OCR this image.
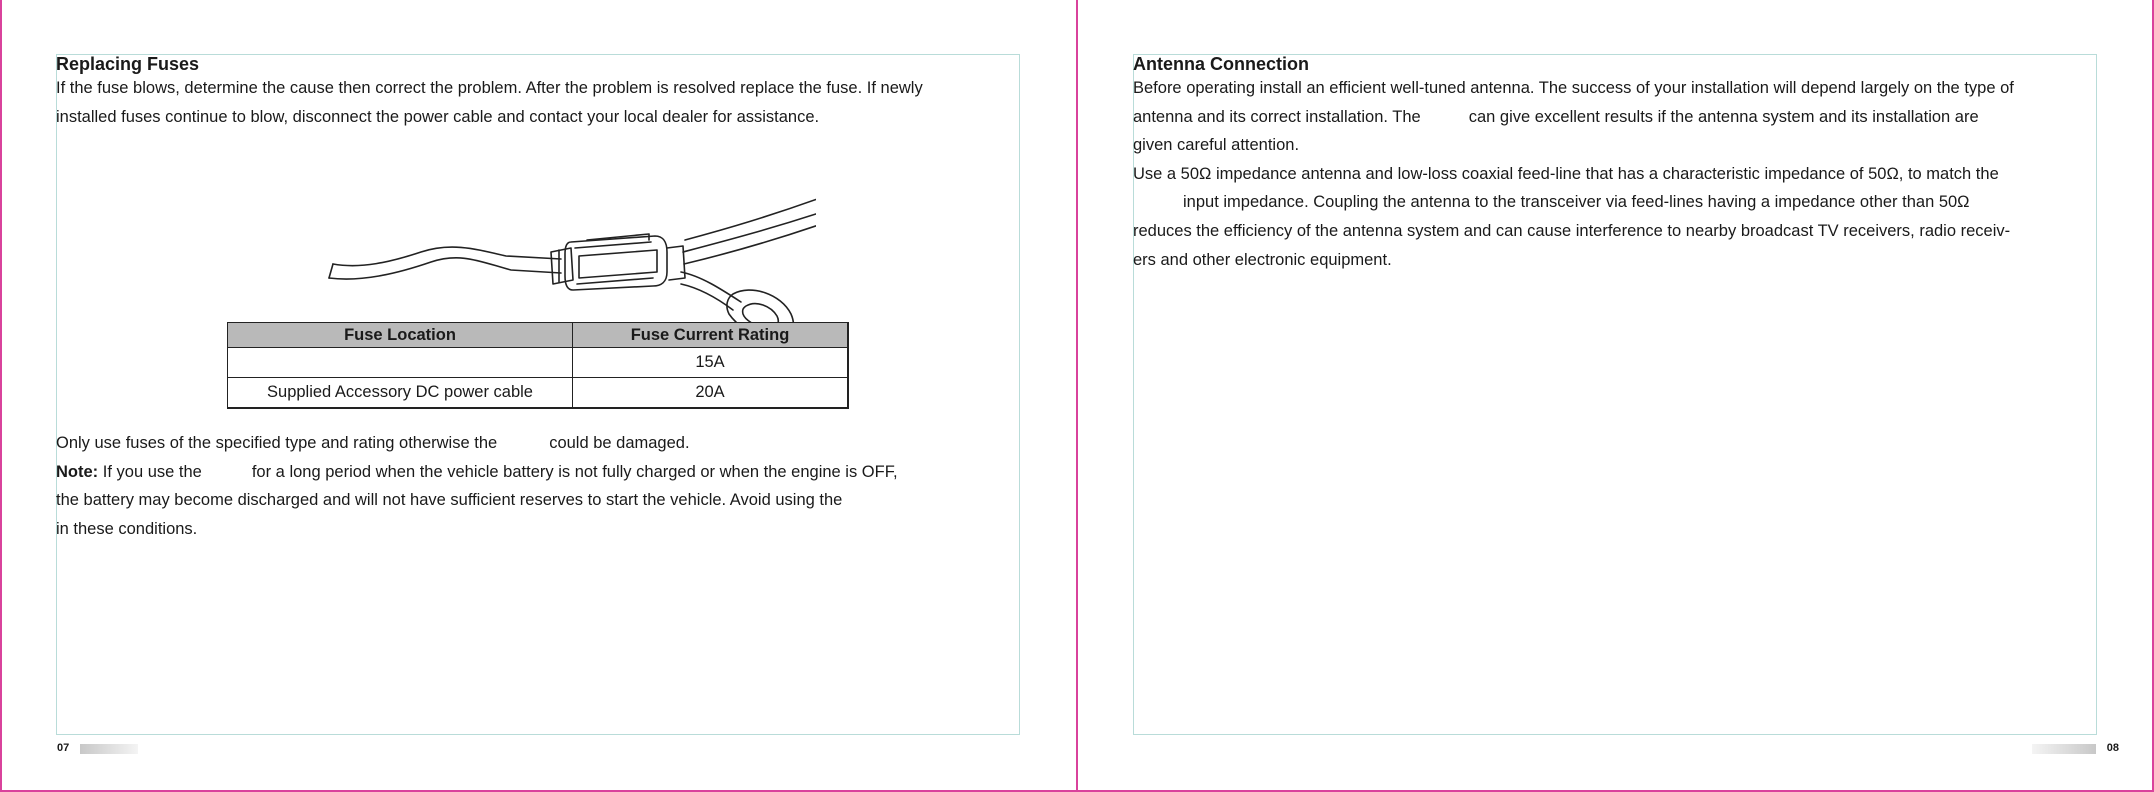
Replacing Fuses

If the fuse blows, determine the cause then correct the problem. After the problem is resolved replace the fuse. If newly

installed fuses continue to blow, disconnect the power cable and contact your local dealer for assistance.

Fuse Location	Fuse Current Rating
	15A
Supplied Accessory DC power cable	20A

Only use fuses of the specified type and rating otherwise the	could be damaged.

Note: If you use the	for a long period when the vehicle battery is not fully charged or when the engine is OFF,

the battery may become discharged and will not have sufficient reserves to start the vehicle. Avoid using the

in these conditions.

07
Antenna Connection

Before operating install an efficient well-tuned antenna. The success of your installation will depend largely on the type of

antenna and its correct installation. The	can give excellent results if the antenna system and its installation are

given careful attention.

Use a 50Ω impedance antenna and low-loss coaxial feed-line that has a characteristic impedance of 50Ω, to match the

input impedance. Coupling the antenna to the transceiver via feed-lines having a impedance other than 50Ω

reduces the efficiency of the antenna system and can cause interference to nearby broadcast TV receivers, radio receiv-

ers and other electronic equipment.

08
